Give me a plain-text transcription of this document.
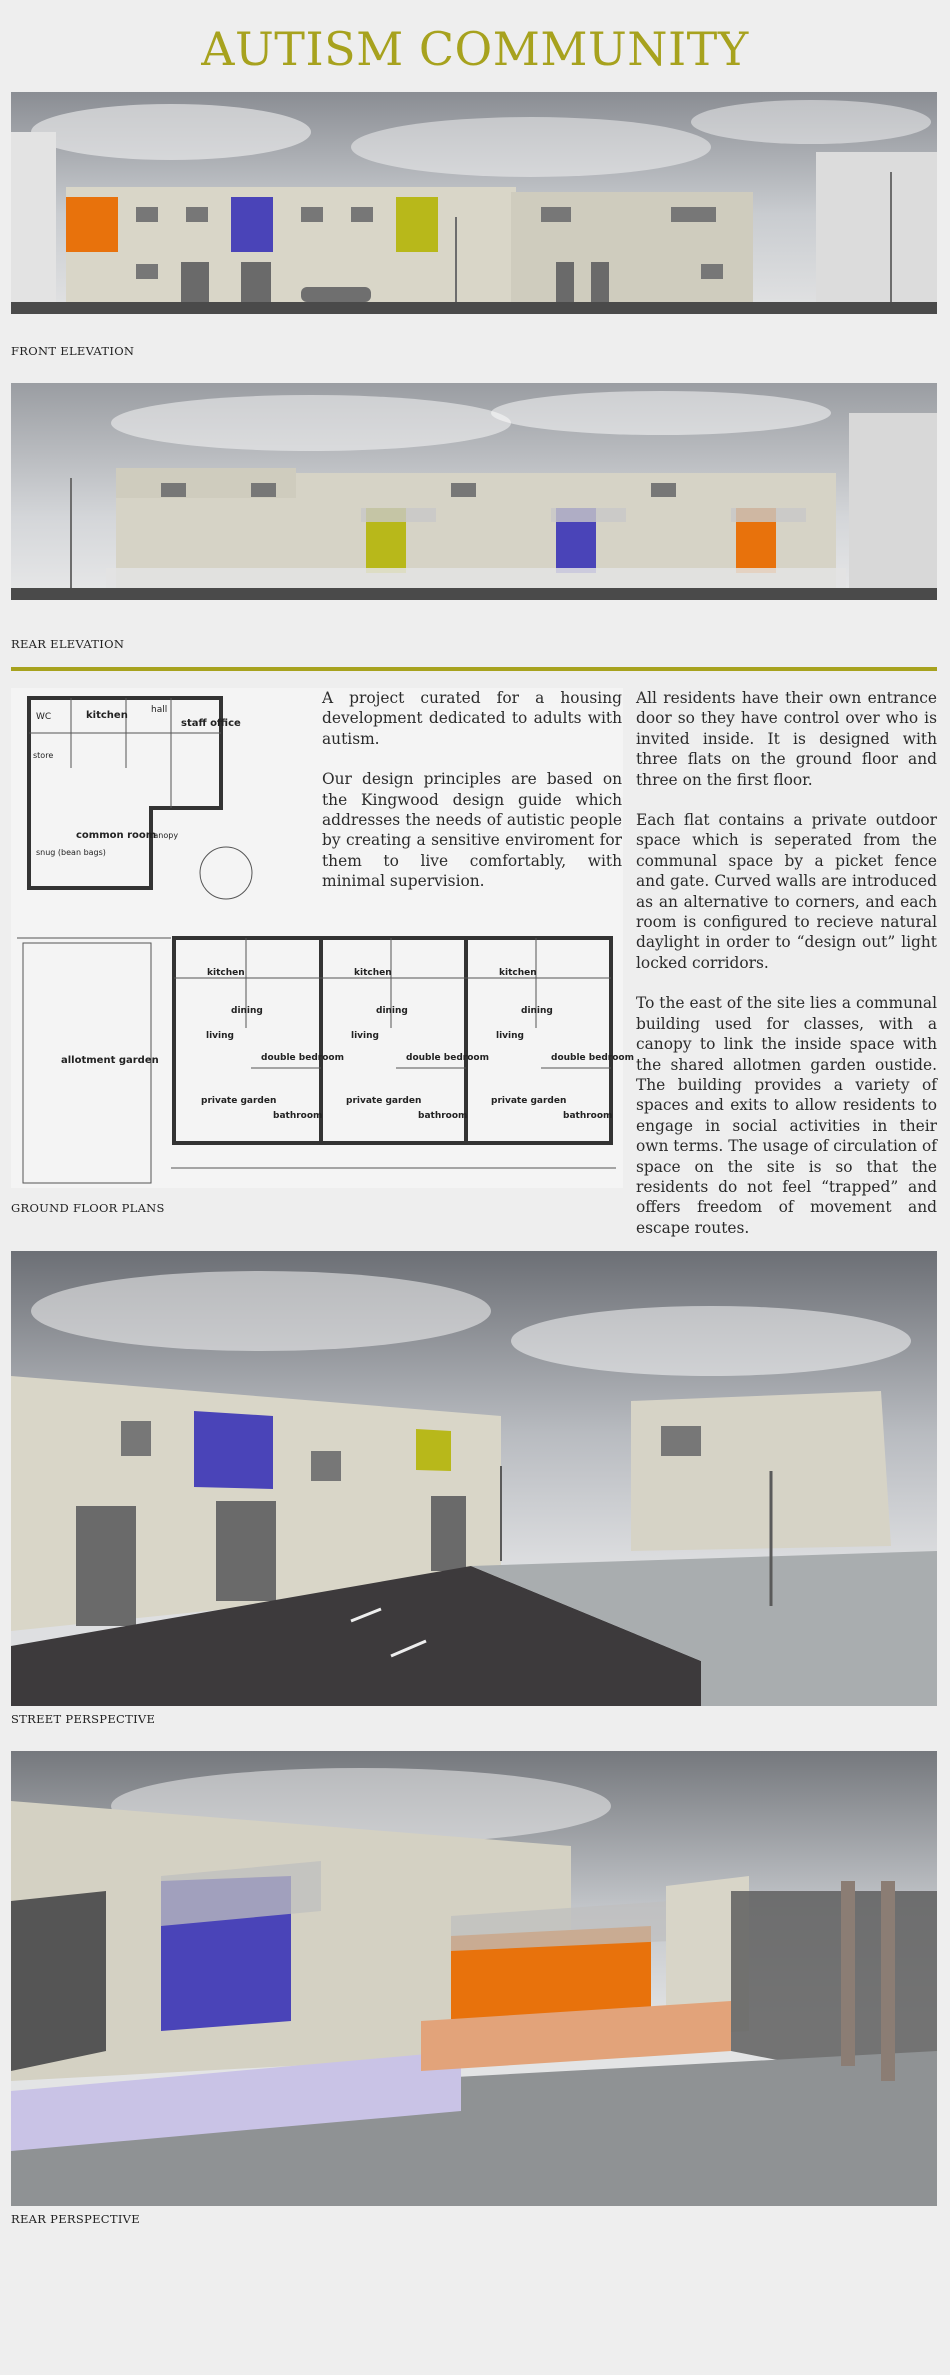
AUTISM COMMUNITY
FRONT ELEVATION
REAR ELEVATION
WC	kitchen	hall
staff office
store
common room
snug (bean bags)
canopy
allotment garden
kitchen	kitchen	kitchen
dining	dining	dining
living	living	living
double bedroom	double bedroom	double bedroom
private garden	private garden	private garden
bathroom	bathroom	bathroom
GROUND FLOOR PLANS

A project curated for a housing development dedicated to adults with autism.

Our design principles are based on the Kingwood design guide which addresses the needs of autistic people by creating a sensitive enviroment for them to live comfortably, with minimal supervision.

All residents have their own entrance door so they have control over who is invited inside. It is designed with three flats on the ground floor and three on the first floor.

Each flat contains a private outdoor space which is seperated from the communal space by a picket fence and gate. Curved walls are introduced as an alternative to corners, and each room is configured to recieve natural daylight in order to “design out” light locked corridors.

To the east of the site lies a communal building used for classes, with a canopy to link the inside space with the shared allotmen garden oustide. The building provides a variety of spaces and exits to allow residents to engage in social activities in their own terms. The usage of circulation of space on the site is so that the residents do not feel “trapped” and offers freedom of movement and escape routes.

STREET PERSPECTIVE
REAR PERSPECTIVE
